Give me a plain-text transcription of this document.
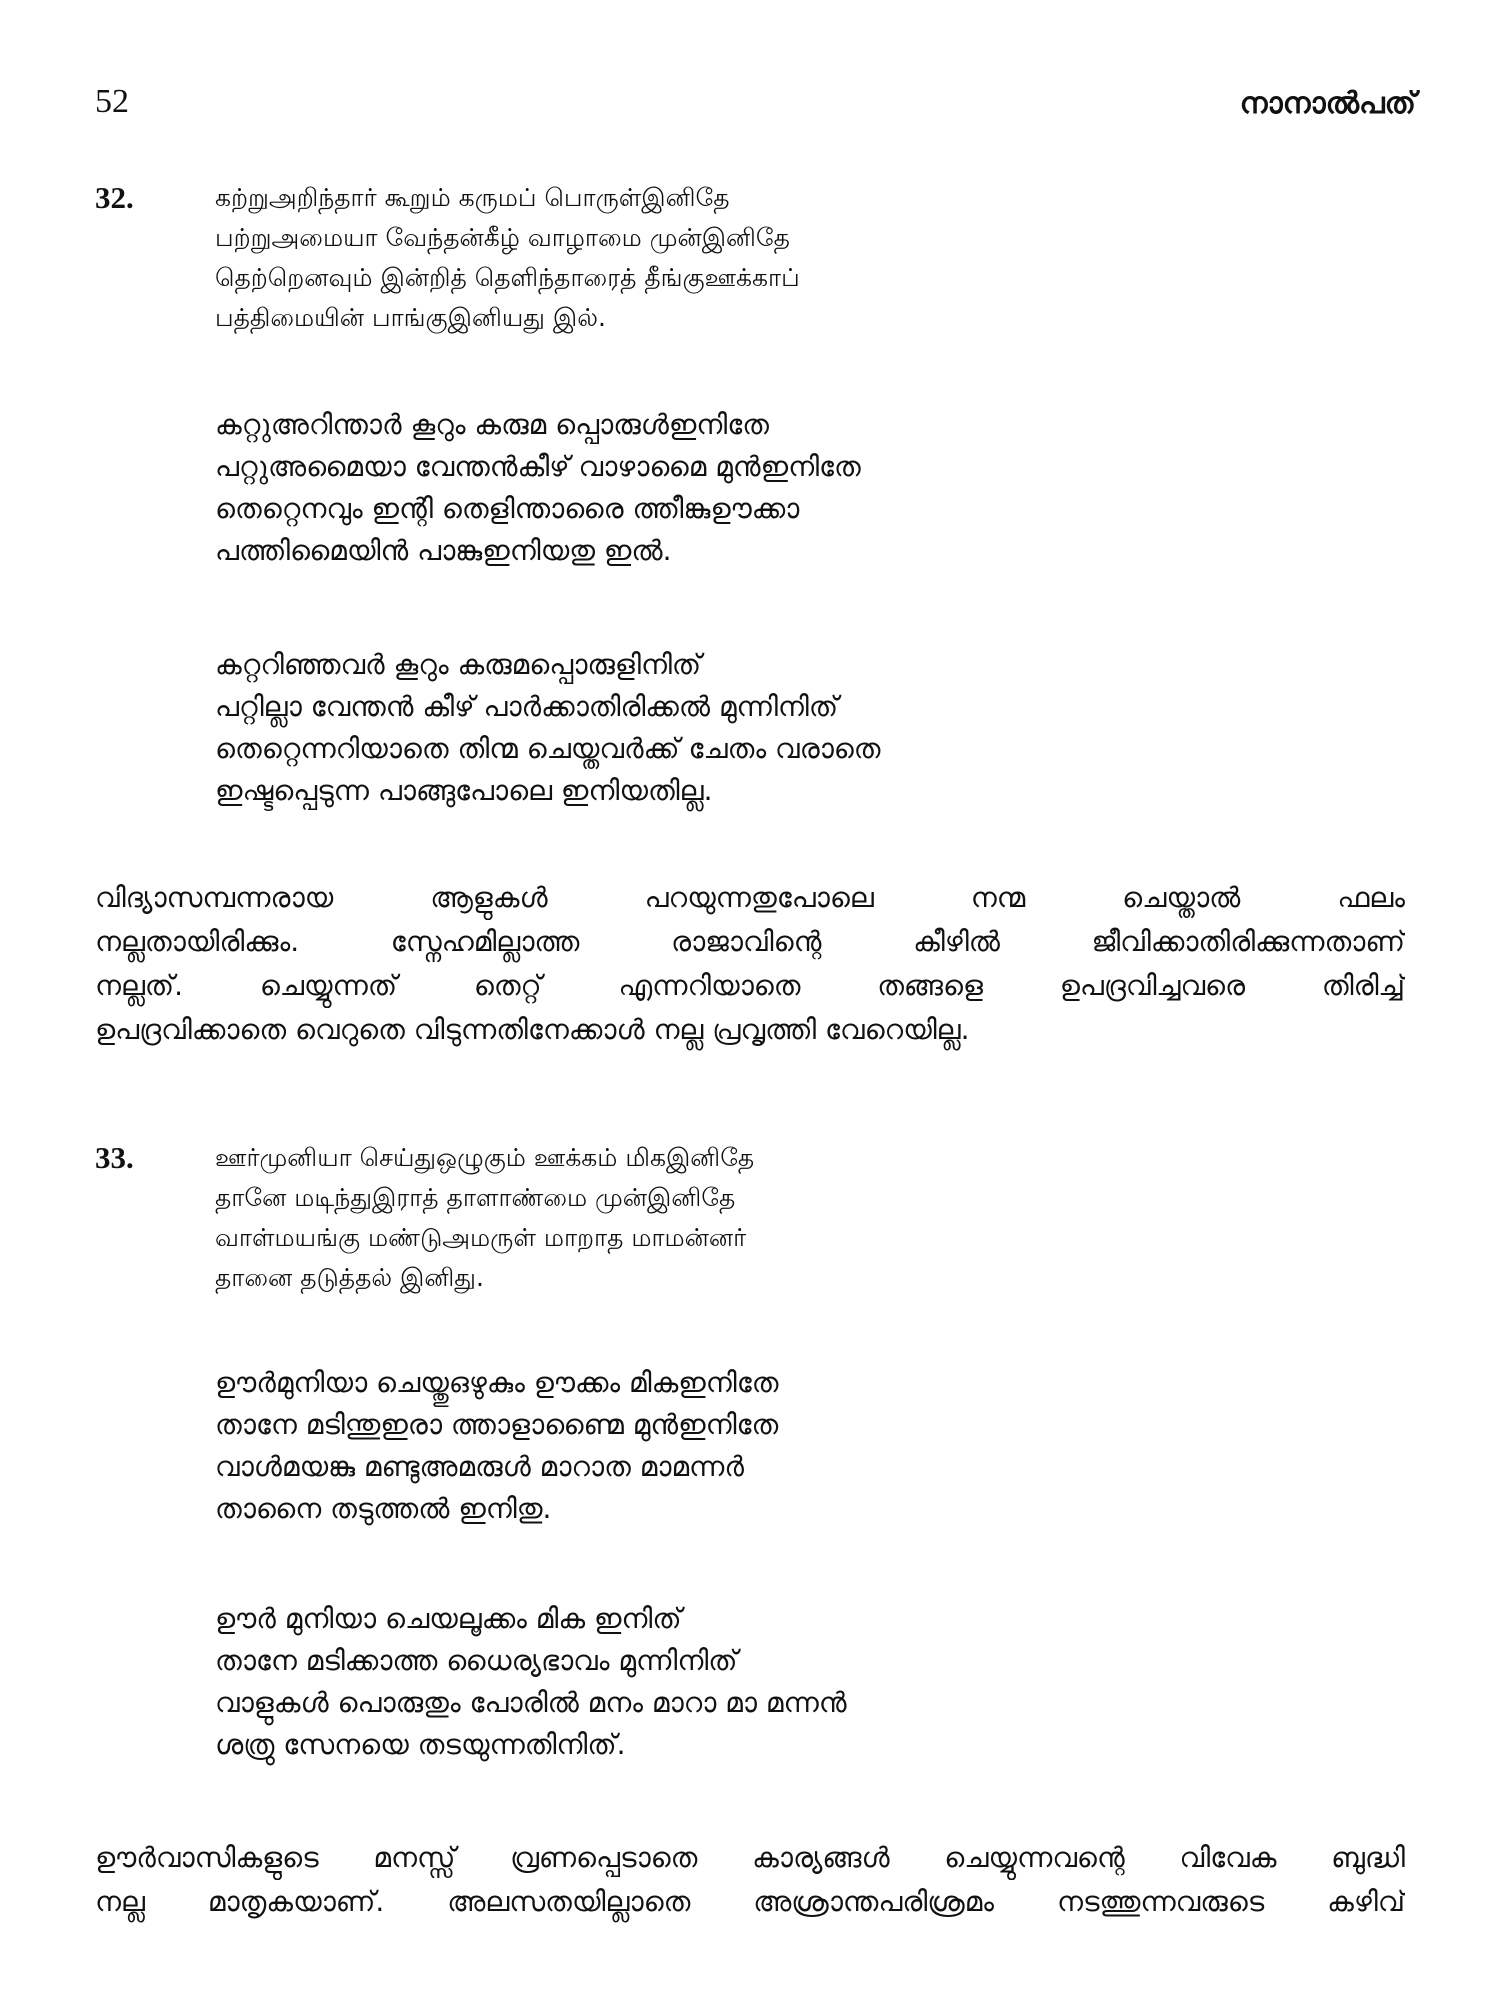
52	നാനാൽപത്
32.	கற்றுஅறிந்தார் கூறும் கருமப் பொருள்இனிதே
பற்றுஅமையா வேந்தன்கீழ் வாழாமை முன்இனிதே
தெற்றெனவும் இன்றித் தெளிந்தாரைத் தீங்குஊக்காப்
பத்திமையின் பாங்குஇனியது இல்.
കറ്റുഅറിന്താർ കൂറും കരുമ പ്പൊരുൾഇനിതേ
പറ്റുഅമൈയാ വേന്തൻകീഴ് വാഴാമൈ മുൻഇനിതേ
തെറ്റെനവും ഇന്റി തെളിന്താരൈ ത്തീങ്കുഊക്കാ
പത്തിമൈയിൻ പാങ്കുഇനിയതു ഇൽ.
കറ്ററിഞ്ഞവർ കൂറും കരുമപ്പൊരുളിനിത്
പറ്റില്ലാ വേന്തൻ കീഴ് പാർക്കാതിരിക്കൽ മുന്നിനിത്
തെറ്റെന്നറിയാതെ തിന്മ ചെയ്തവർക്ക് ചേതം വരാതെ
ഇഷ്ടപ്പെടുന്ന പാങ്ങുപോലെ ഇനിയതില്ല.
വിദ്യാസമ്പന്നരായ ആളുകൾ പറയുന്നതുപോലെ നന്മ ചെയ്താൽ ഫലം
നല്ലതായിരിക്കും. സ്നേഹമില്ലാത്ത രാജാവിന്റെ കീഴിൽ ജീവിക്കാതിരിക്കുന്നതാണ്
നല്ലത്. ചെയ്യുന്നത് തെറ്റ് എന്നറിയാതെ തങ്ങളെ ഉപദ്രവിച്ചവരെ തിരിച്ച്
ഉപദ്രവിക്കാതെ വെറുതെ വിടുന്നതിനേക്കാൾ നല്ല പ്രവൃത്തി വേറെയില്ല.
33.	ஊர்முனியா செய்துஒழுகும் ஊக்கம் மிகஇனிதே
தானே மடிந்துஇராத் தாளாண்மை முன்இனிதே
வாள்மயங்கு மண்டுஅமருள் மாறாத மாமன்னர்
தானை தடுத்தல் இனிது.
ഊർമുനിയാ ചെയ്തുഒഴുകും ഊക്കം മികഇനിതേ
താനേ മടിന്തുഇരാ ത്താളാണ്മൈ മുൻഇനിതേ
വാൾമയങ്കു മണ്ടുഅമരുൾ മാറാത മാമന്നർ
താനൈ തടുത്തൽ ഇനിതു.
ഊർ മുനിയാ ചെയലൂക്കം മിക ഇനിത്
താനേ മടിക്കാത്ത ധൈര്യഭാവം മുന്നിനിത്
വാളുകൾ പൊരുതും പോരിൽ മനം മാറാ മാ മന്നൻ
ശത്രു സേനയെ തടയുന്നതിനിത്.
ഊർവാസികളുടെ മനസ്സ് വ്രണപ്പെടാതെ കാര്യങ്ങൾ ചെയ്യുന്നവന്റെ വിവേക ബുദ്ധി
നല്ല മാതൃകയാണ്. അലസതയില്ലാതെ അശ്രാന്തപരിശ്രമം നടത്തുന്നവരുടെ കഴിവ്
